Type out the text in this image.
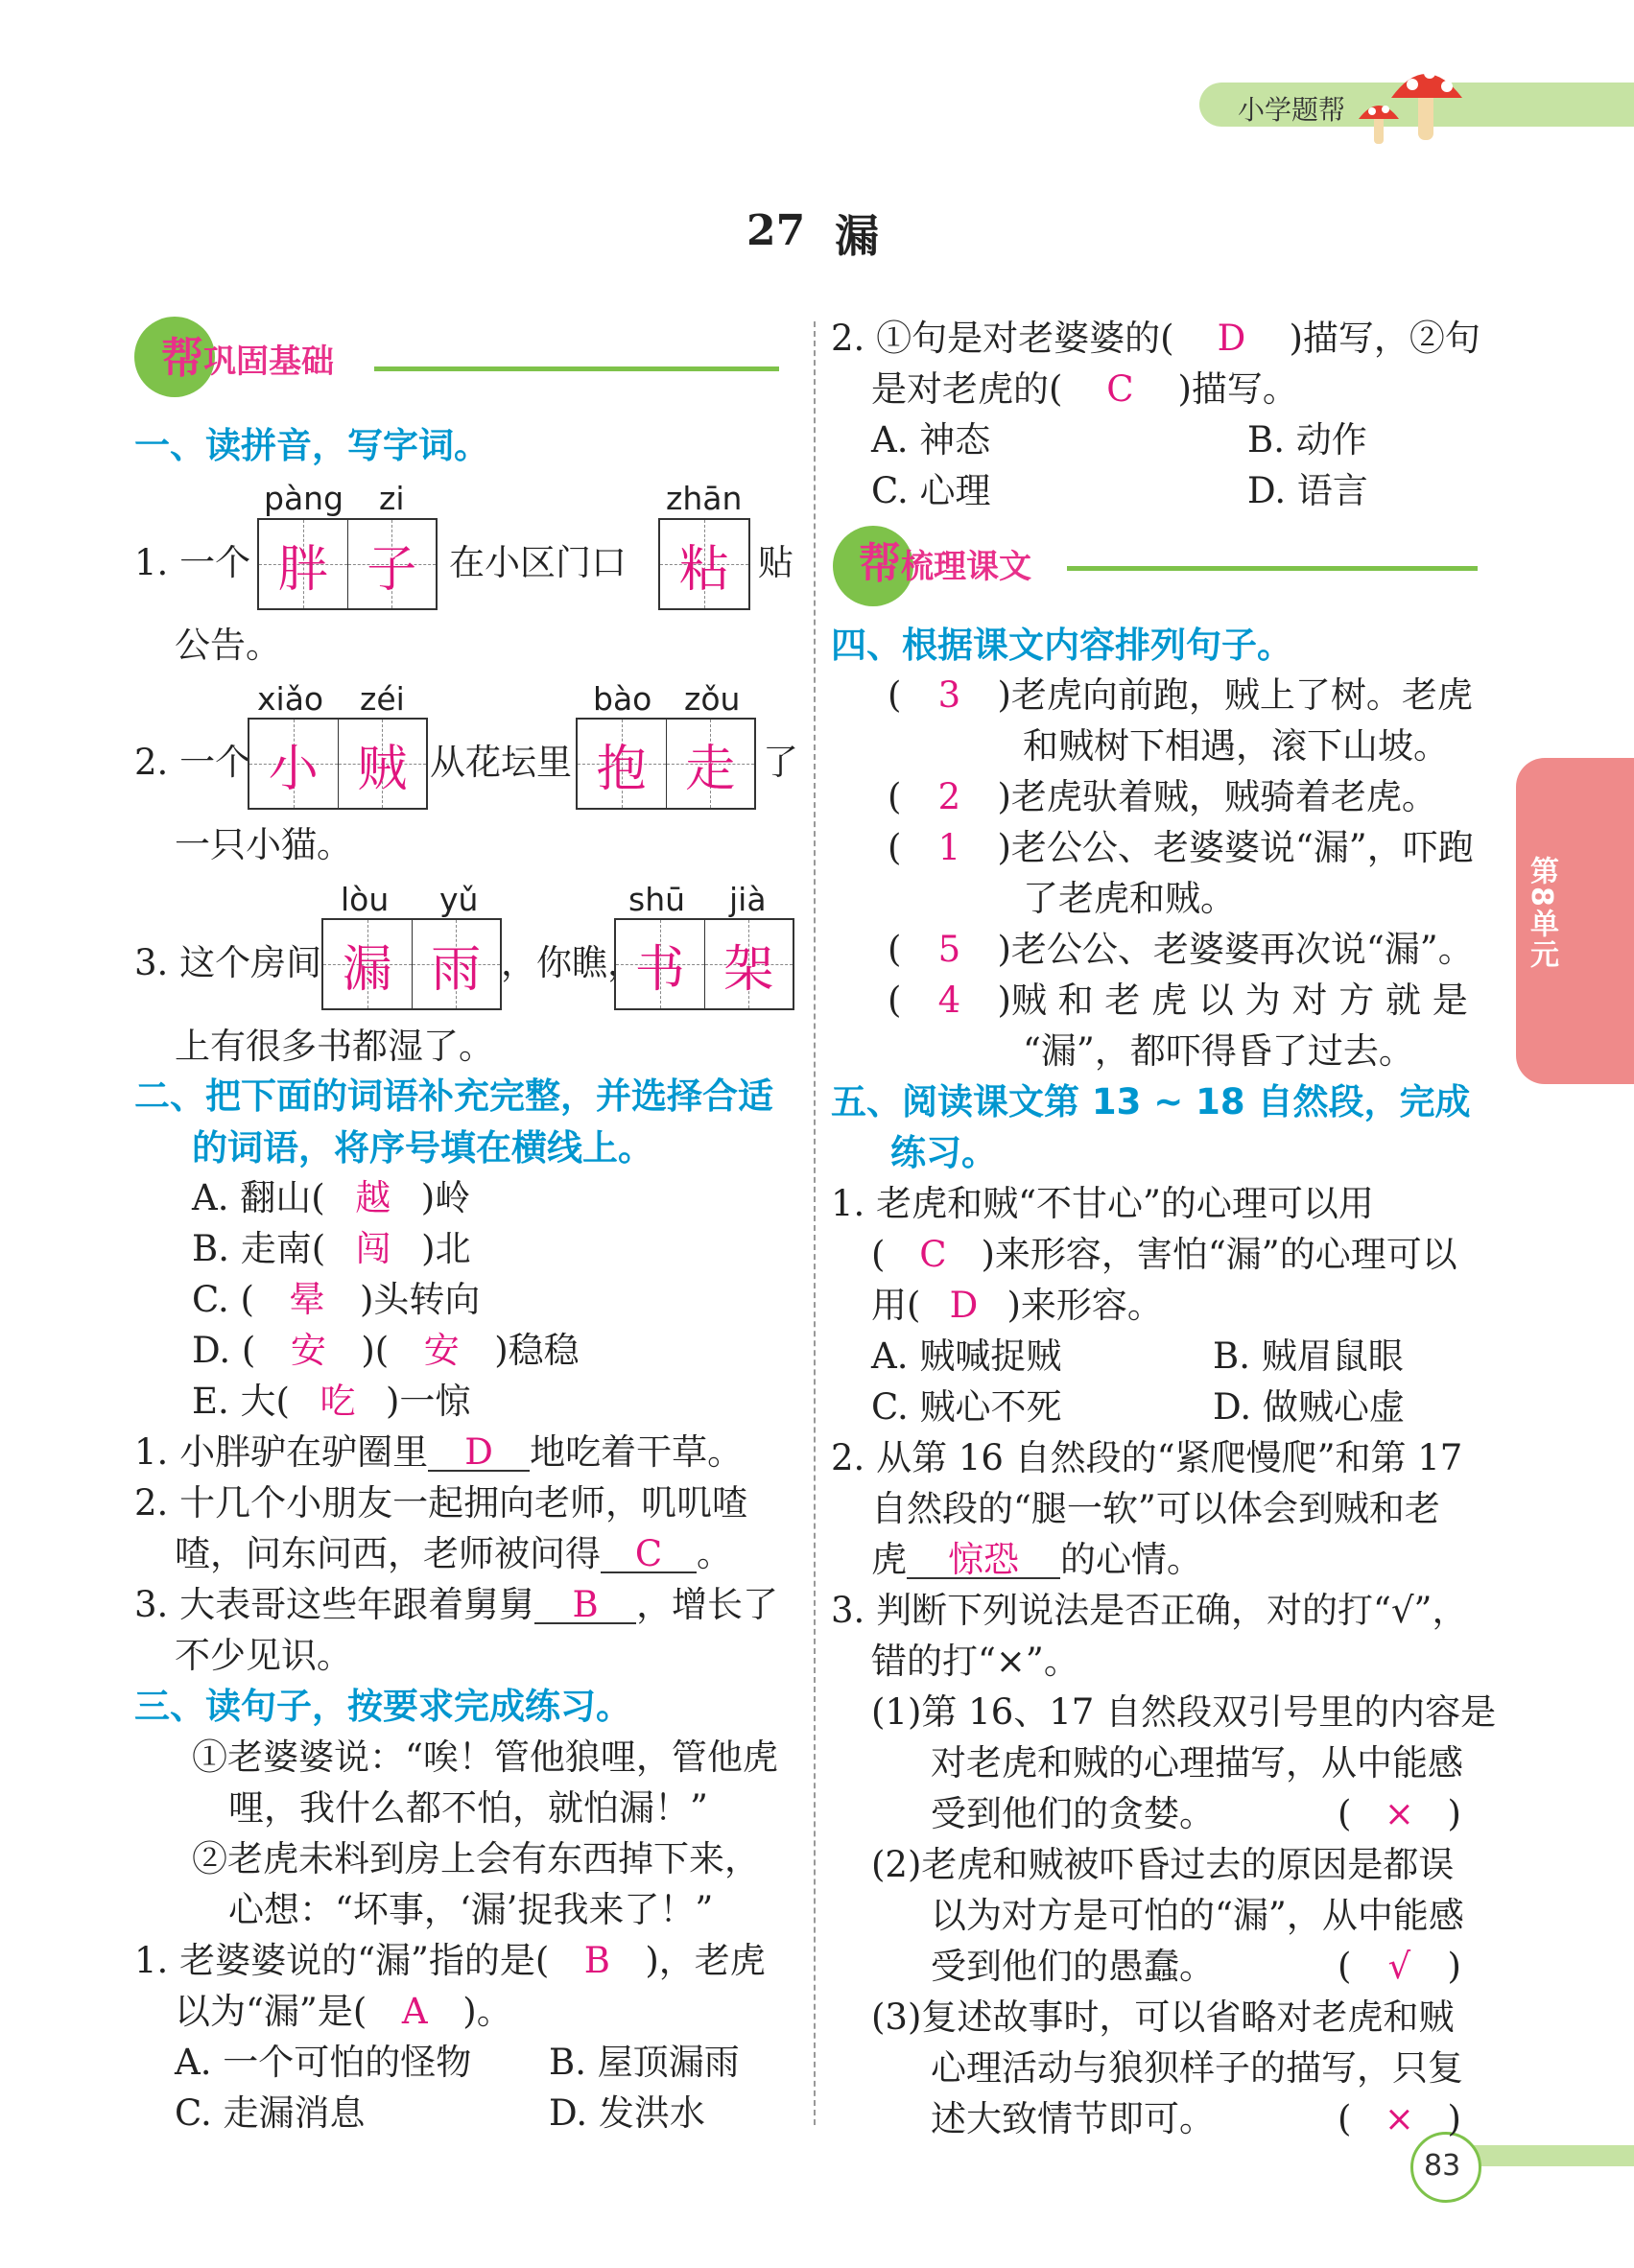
小学题帮
27 漏
第8单元
83
帮巩固基础
一、读拼音，写字词。
pàng zi	zhān
1. 一个 胖 子 在小区门口 粘 贴
公告。
xiǎo zéi	bào zǒu
2. 一个 小 贼 从花坛里 抱 走 了
一只小猫。
lòu yǔ	shū jià
3. 这个房间 漏 雨 ，你瞧，
书 架
上有很多书都湿了。
二、把下面的词语补充完整，并选择合适
的词语，将序号填在横线上。
A. 翻山( 越 )岭
B. 走南( 闯 )北
C. ( 晕 )头转向
D. ( 安 )( 安 )稳稳
E. 大( 吃 )一惊
1. 小胖驴在驴圈里 D 地吃着干草。
2. 十几个小朋友一起拥向老师，叽叽喳
喳，问东问西，老师被问得 C 。
3. 大表哥这些年跟着舅舅 B ，增长了
不少见识。
三、读句子，按要求完成练习。
①老婆婆说：“唉！管他狼哩，管他虎
哩，我什么都不怕，就怕漏！”
②老虎未料到房上会有东西掉下来，
心想：“坏事，‘漏’捉我来了！”
1. 老婆婆说的“漏”指的是( B )，老虎
以为“漏”是( A )。
A. 一个可怕的怪物 B. 屋顶漏雨
C. 走漏消息	D. 发洪水
2. ①句是对老婆婆的( D )描写，②句
是对老虎的( C )描写。
A. 神态	B. 动作
C. 心理	D. 语言
帮梳理课文
四、根据课文内容排列句子。
( 3 )老虎向前跑，贼上了树。老虎
和贼树下相遇，滚下山坡。
( 2 )老虎驮着贼，贼骑着老虎。
( 1 )老公公、老婆婆说“漏”，吓跑
了老虎和贼。
( 5 )老公公、老婆婆再次说“漏”。
( 4 )贼 和 老 虎 以 为 对 方 就 是
“漏”，都吓得昏了过去。
五、阅读课文第 13 ~ 18 自然段，完成
练习。
1. 老虎和贼“不甘心”的心理可以用
( C )来形容，害怕“漏”的心理可以
用( D )来形容。
A. 贼喊捉贼	B. 贼眉鼠眼
C. 贼心不死	D. 做贼心虚
2. 从第 16 自然段的“紧爬慢爬”和第 17
自然段的“腿一软”可以体会到贼和老
虎 惊恐 的心情。
3. 判断下列说法是否正确，对的打“√”，
错的打“×”。
(1)第 16、17 自然段双引号里的内容是
对老虎和贼的心理描写，从中能感
受到他们的贪婪。	( × )
(2)老虎和贼被吓昏过去的原因是都误
以为对方是可怕的“漏”，从中能感
受到他们的愚蠢。	( √ )
(3)复述故事时，可以省略对老虎和贼
心理活动与狼狈样子的描写，只复
述大致情节即可。	( × )
